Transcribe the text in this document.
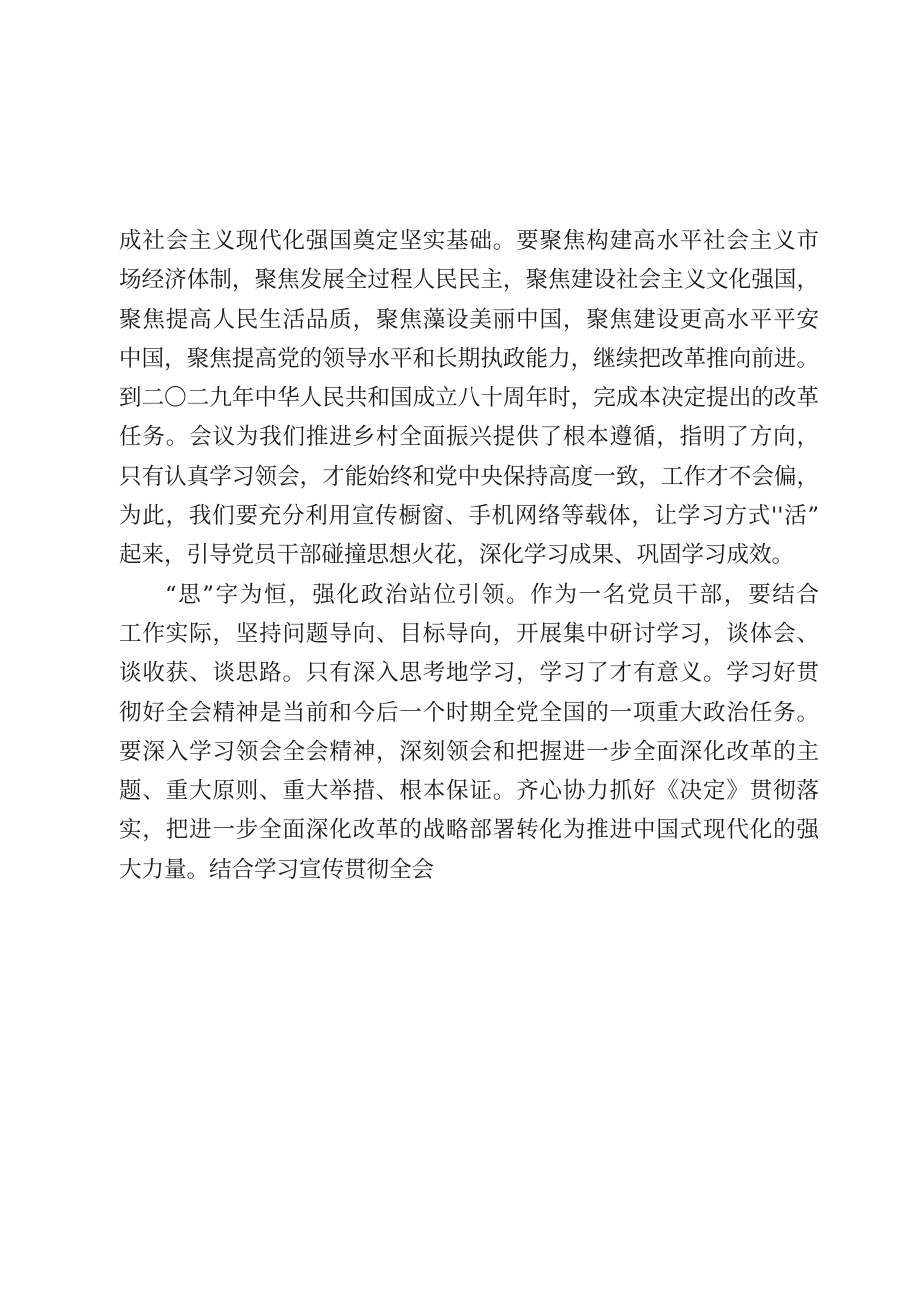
成社会主义现代化强国奠定坚实基础。要聚焦构建高水平社会主义市
场经济体制，聚焦发展全过程人民民主，聚焦建设社会主义文化强国，
聚焦提高人民生活品质，聚焦藻设美丽中国，聚焦建设更高水平平安
中国，聚焦提高党的领导水平和长期执政能力，继续把改革推向前进。
到二〇二九年中华人民共和国成立八十周年时，完成本决定提出的改革
任务。会议为我们推进乡村全面振兴提供了根本遵循，指明了方向，
只有认真学习领会，才能始终和党中央保持高度一致，工作才不会偏，
为此，我们要充分利用宣传橱窗、手机网络等载体，让学习方式''活”
起来，引导党员干部碰撞思想火花，深化学习成果、巩固学习成效。
“思”字为恒，强化政治站位引领。作为一名党员干部，要结合
工作实际，坚持问题导向、目标导向，开展集中研讨学习，谈体会、
谈收获、谈思路。只有深入思考地学习，学习了才有意义。学习好贯
彻好全会精神是当前和今后一个时期全党全国的一项重大政治任务。
要深入学习领会全会精神，深刻领会和把握进一步全面深化改革的主
题、重大原则、重大举措、根本保证。齐心协力抓好《决定》贯彻落
实，把进一步全面深化改革的战略部署转化为推进中国式现代化的强
大力量。结合学习宣传贯彻全会
